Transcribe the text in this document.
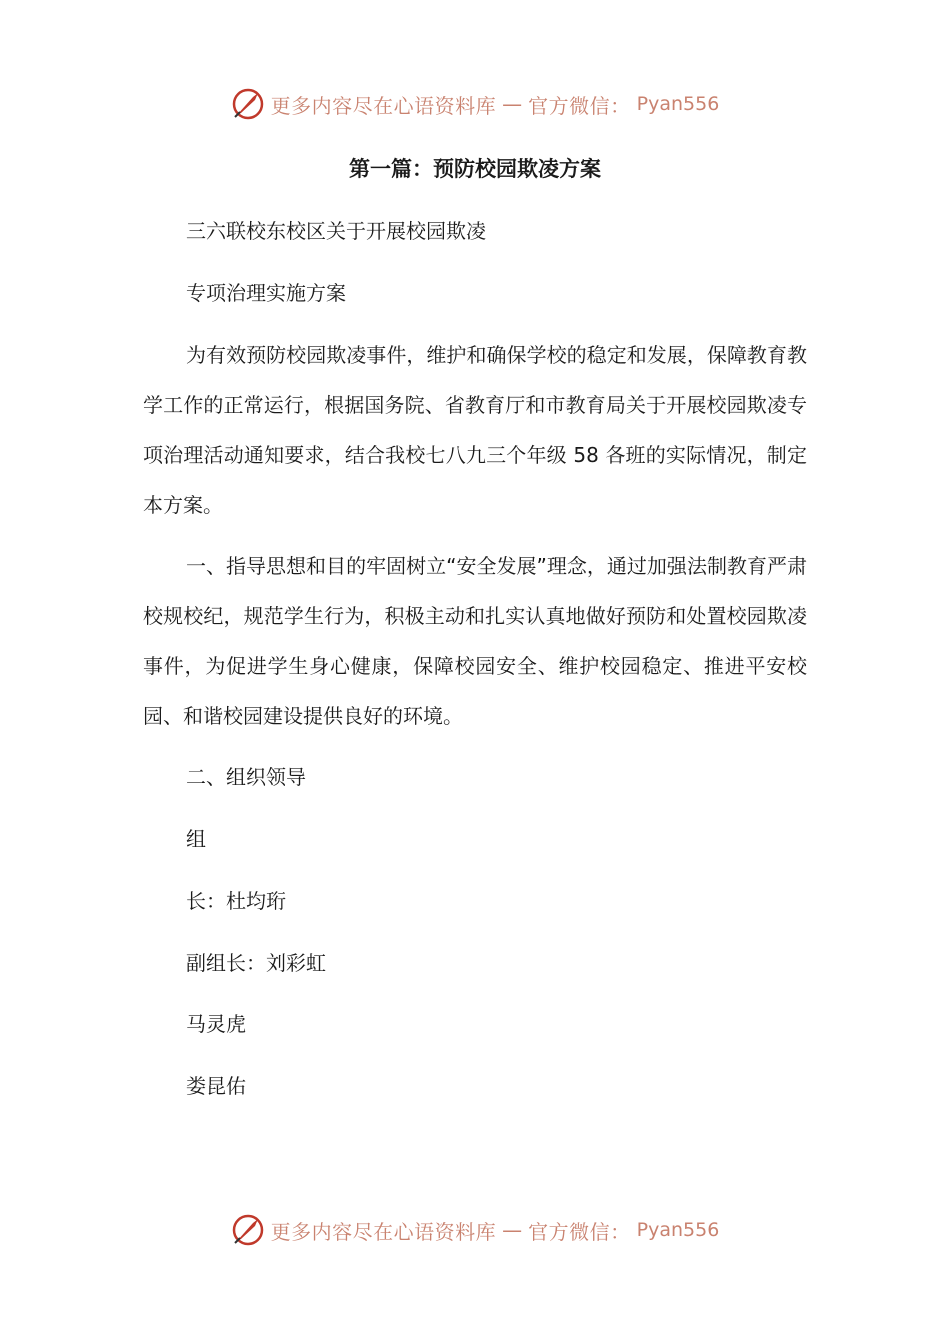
更多内容尽在心语资料库 — 官方微信： Pyan556
第一篇：预防校园欺凌方案

三六联校东校区关于开展校园欺凌

专项治理实施方案

为有效预防校园欺凌事件，维护和确保学校的稳定和发展，保障教育教学工作的正常运行，根据国务院、省教育厅和市教育局关于开展校园欺凌专项治理活动通知要求，结合我校七八九三个年级 58 各班的实际情况，制定本方案。

一、指导思想和目的牢固树立“安全发展”理念，通过加强法制教育严肃校规校纪，规范学生行为，积极主动和扎实认真地做好预防和处置校园欺凌事件，为促进学生身心健康，保障校园安全、维护校园稳定、推进平安校园、和谐校园建设提供良好的环境。

二、组织领导

组

长：杜均珩

副组长：刘彩虹

马灵虎

娄昆佑

更多内容尽在心语资料库 — 官方微信： Pyan556
